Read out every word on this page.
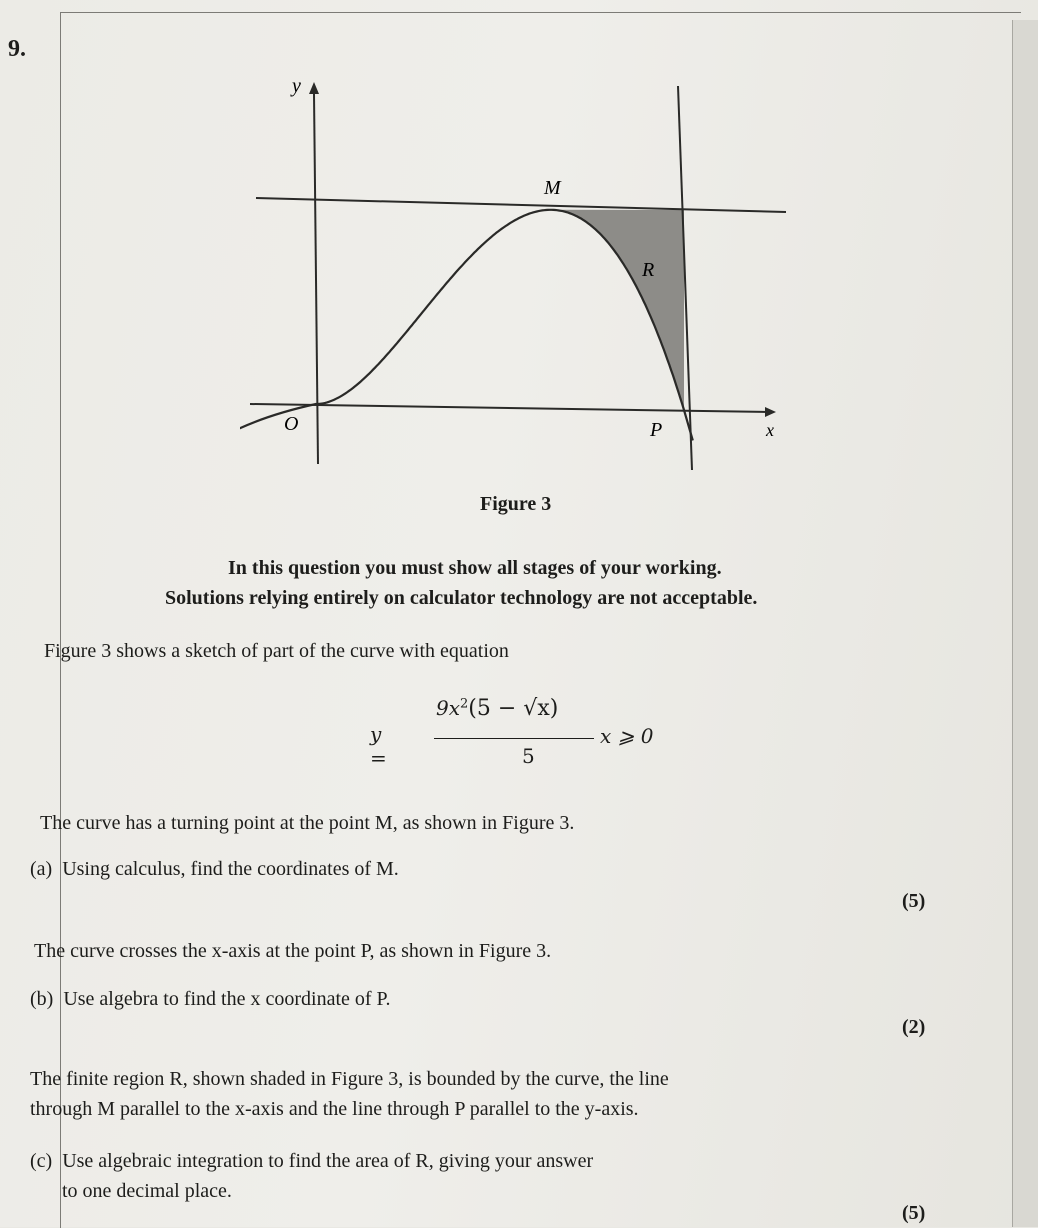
9.
y
x
O
M
P
R
Figure 3
In this question you must show all stages of your working.
Solutions relying entirely on calculator technology are not acceptable.
Figure 3 shows a sketch of part of the curve with equation
y =
$9x^2(5 - √x)$
5
x ⩾ 0
The curve has a turning point at the point M, as shown in Figure 3.
(a) Using calculus, find the coordinates of M.
(5)
The curve crosses the x-axis at the point P, as shown in Figure 3.
(b) Use algebra to find the x coordinate of P.
(2)
The finite region R, shown shaded in Figure 3, is bounded by the curve, the line
through M parallel to the x-axis and the line through P parallel to the y-axis.
(c) Use algebraic integration to find the area of R, giving your answer
to one decimal place.
(5)
